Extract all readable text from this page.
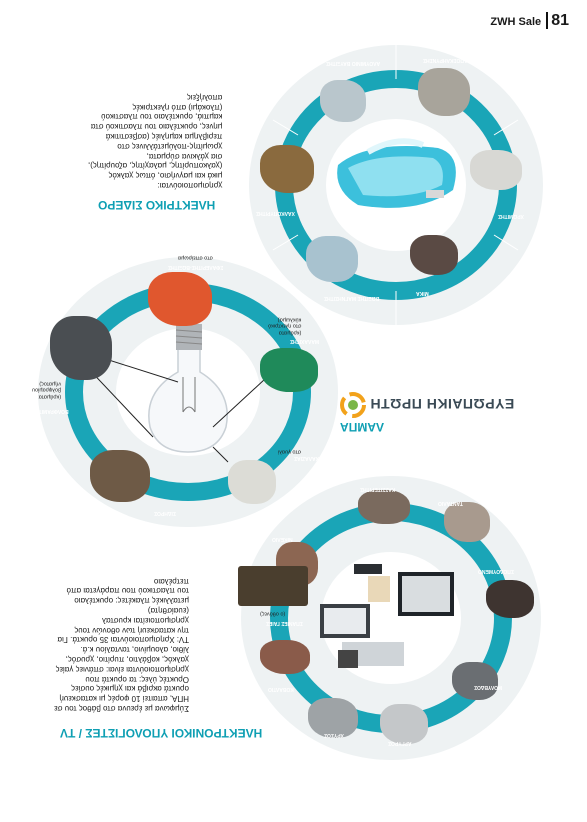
ZWH Sale 81
ΑΛΟΥΜΙΝΙΟ ΒΑΥΞΙΤΗΣ	ΑΠΟΣΚΛΗΡΥΝΣΗΣ
ΧΡΩΜΙΤΗΣ
ΜΙΚΑ
ΒΩΞΙΤΗΣ ΜΑΓΝΗΣΙΤΗΣ
ΧΑΛΚΟΠΥΡΙΤΗΣ
χρησιμοποιούνται:
μικά και μαγνήσιο, όπως χαλκός
(χαλκοπυρίτης, μαλαχίτης, αζουρίτης),
σια χάλκινα σύρματα,
χρωμίτης-πολύμετάλλινες στο
περιβλημα καμηλιές (ασβεστιτικά
μηνες, ορυκτέλαιο του πλαστικού στα
καμπιά, ορυκτέλαιο του πλαστικού
(πλοκάμι) από ηλεκτρικές
απολήξεις
ΗΛΕΚΤΡΙΚΟ ΣΙΔΕΡΟ
ΣΦΑΛΕΡΙΤΗΣ-ΒΩΞΙΤΗΣ
ΜΑΛΑΧΙΤΗΣ
ΧΑΛΑΖΙΑΣ
ΣΙΔΗΡΟΣ
ΒΟΛΦΡΑΜΙΤΗΣ
στο σπείρωμα
(κράματα
στο ηλεκτρικό
κύκλωμα)
(κράματα
βολφραμίου
νήματος)
στο γυαλί
ΕΥΡΩΠΑΙΚΗ ΠΡΩΤΗ
ΛΑΜΠΑ
ΚΑΣΣΙΤΕΡΙΤΗΣ
ΤΑΝΤΑΛΙΟ
ΜΟΛΥΒΔΟΣ
ΑΡΓΥΡΟΣ
ΧΡΥΣΟΣ
ΚΟΒΑΛΤΙΟ
ΝΙΚΕΛΙΟ
ΣΠΑΝΙΕΣ ΓΑΙΕΣ
ΣΠΟΔΟΥΜΕΝΟ
(ο οθόνες)
Σύμφωνα με έρευνα στο βάθος του σε
ΗΠΑ, απαιτεί 10 φορές μι κατασκευή
ορυκτά ακριβά και χημικές ουσίες
Ορυκτές ύλες: τα ορυκτά που
χρησιμοποιούνται είναι: σπάνιες γαίες
χαλκός, κοβάλτιο, πυρίτιο, χρυσός,
λίθιο, αλουμίνιο, τανταλίου κ.ά.
TV: Χρησιμοποιούνται 35 ορυκτά. Για
την κατασκευή των οθονών τους
χρησιμοποιείται κρυσταλ
(ευαίσθητα)
μεταλλικές πλακέτες: ορυκτέλαιο
του πλαστικού που παράγεται από
πετρέλαιο
ΗΛΕΚΤΡΟΝΙΚΟΙ ΥΠΟΛΟΓΙΣΤΕΣ / TV
